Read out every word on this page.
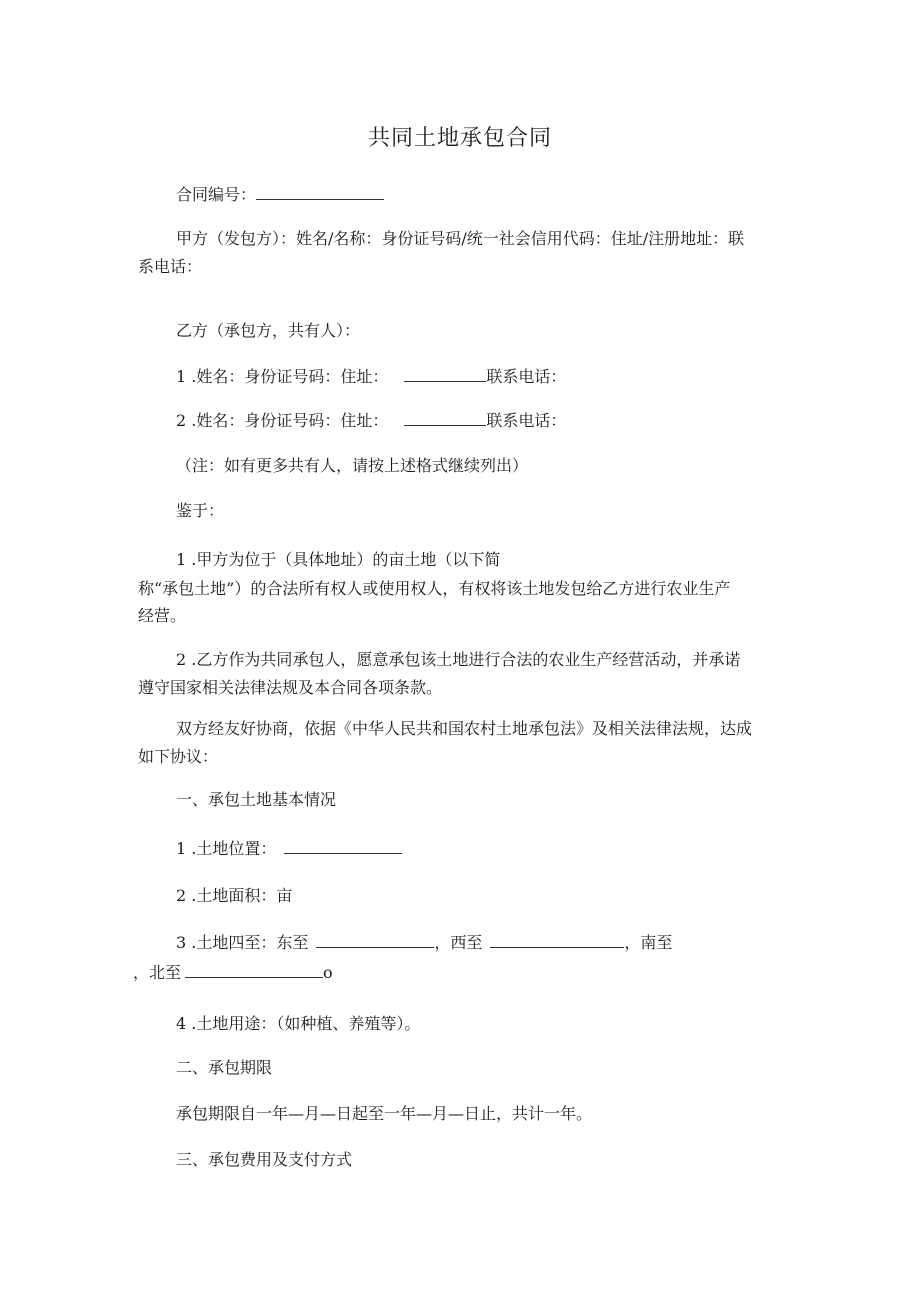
共同土地承包合同

合同编号：

甲方（发包方）：姓名/名称：身份证号码/统一社会信用代码：住址/注册地址：联

系电话：

乙方（承包方，共有人）：

1 .姓名：身份证号码：住址：	联系电话：

2 .姓名：身份证号码：住址：	联系电话：

（注：如有更多共有人，请按上述格式继续列出）

鉴于：

1 .甲方为位于（具体地址）的亩土地（以下简

称“承包土地”）的合法所有权人或使用权人，有权将该土地发包给乙方进行农业生产

经营。

2 .乙方作为共同承包人，愿意承包该土地进行合法的农业生产经营活动，并承诺

遵守国家相关法律法规及本合同各项条款。

双方经友好协商，依据《中华人民共和国农村土地承包法》及相关法律法规，达成

如下协议：

一、承包土地基本情况

1 .土地位置：

2 .土地面积：亩

3 .土地四至：东至	，西至	，南至

，北至	o

4 .土地用途：（如种植、养殖等）。

二、承包期限

承包期限自一年—月—日起至一年—月—日止，共计一年。

三、承包费用及支付方式
